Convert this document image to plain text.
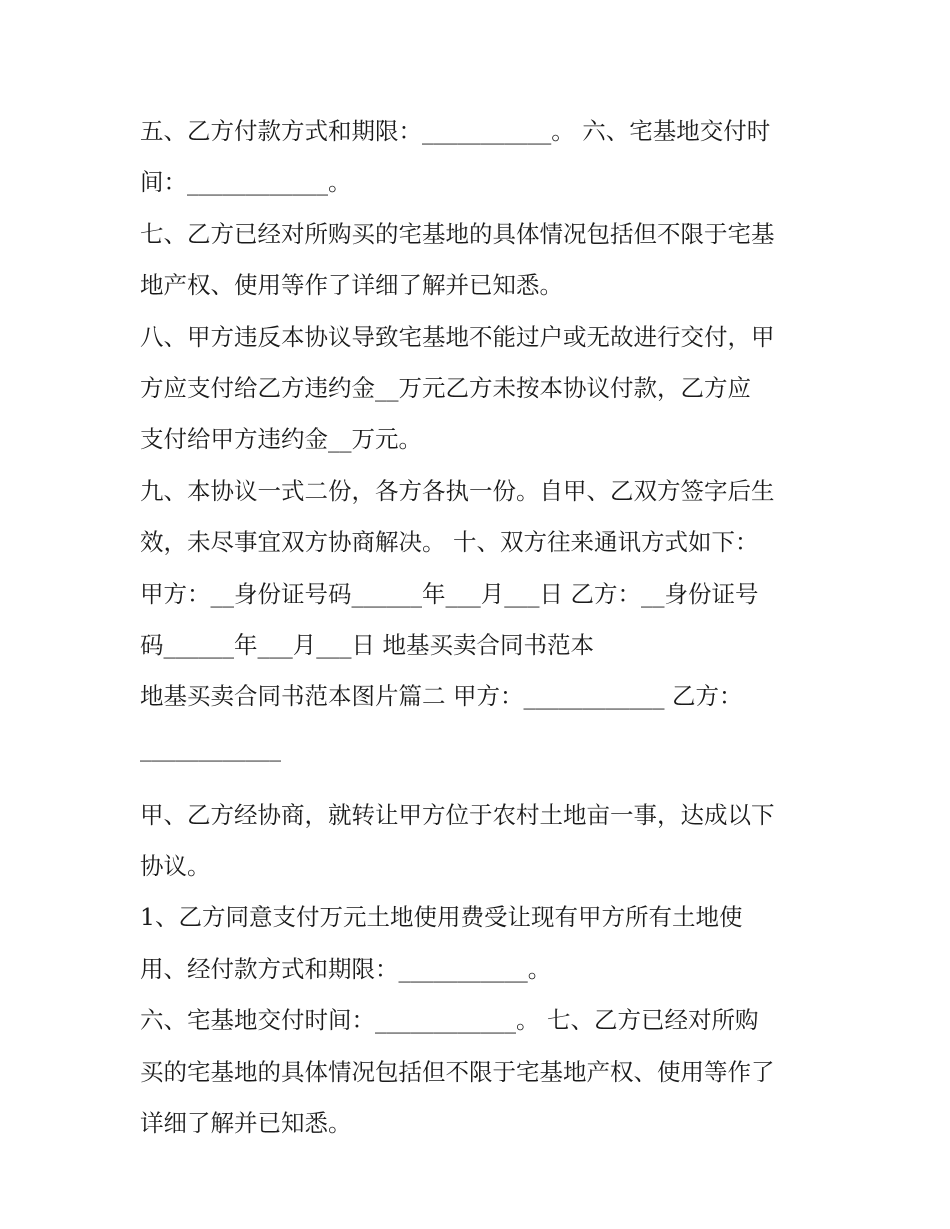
五、乙方付款方式和期限：___________。 六、宅基地交付时
间：____________。
七、乙方已经对所购买的宅基地的具体情况包括但不限于宅基
地产权、使用等作了详细了解并已知悉。
八、甲方违反本协议导致宅基地不能过户或无故进行交付，甲
方应支付给乙方违约金__万元乙方未按本协议付款，乙方应
支付给甲方违约金__万元。
九、本协议一式二份，各方各执一份。自甲、乙双方签字后生
效，未尽事宜双方协商解决。 十、双方往来通讯方式如下：
甲方：__身份证号码______年___月___日 乙方：__身份证号
码______年___月___日 地基买卖合同书范本
地基买卖合同书范本图片篇二 甲方：____________ 乙方：
____________
甲、乙方经协商，就转让甲方位于农村土地亩一事，达成以下
协议。
1、乙方同意支付万元土地使用费受让现有甲方所有土地使
用、经付款方式和期限：___________。
六、宅基地交付时间：____________。 七、乙方已经对所购
买的宅基地的具体情况包括但不限于宅基地产权、使用等作了
详细了解并已知悉。
